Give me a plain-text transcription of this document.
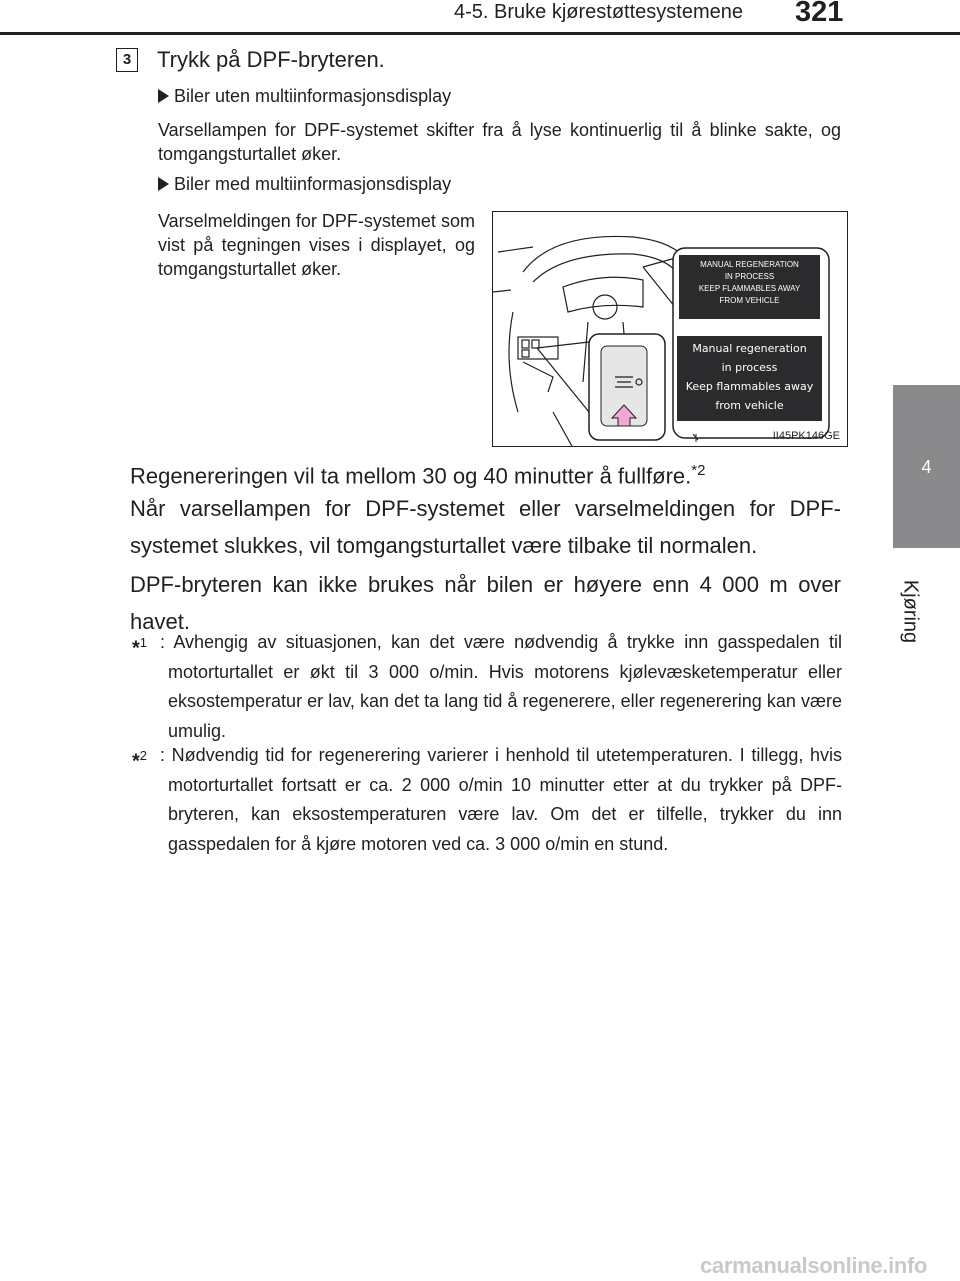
4-5. Bruke kjørestøttesystemene 321
4
Kjøring
3	Trykk på DPF-bryteren.
Biler uten multiinformasjonsdisplay
Varsellampen for DPF-systemet skifter fra å lyse kontinuerlig til å blinke sakte, og tomgangsturtallet øker.
Biler med multiinformasjonsdisplay
Varselmeldingen for DPF-systemet som vist på tegningen vises i displayet, og tomgangsturtallet øker.	MANUAL REGENERATION
IN PROCESS
KEEP FLAMMABLES AWAY
FROM VEHICLE
Manual regeneration
in process
Keep flammables away
from vehicle
II45PK146GE
Regenereringen vil ta mellom 30 og 40 minutter å fullføre.$^{*2}$
Når varsellampen for DPF-systemet eller varselmeldingen for DPF-systemet slukkes, vil tomgangsturtallet være tilbake til normalen.
DPF-bryteren kan ikke brukes når bilen er høyere enn 4 000 m over havet.
*$^1$ : Avhengig av situasjonen, kan det være nødvendig å trykke inn gasspedalen til motorturtallet er økt til 3 000 o/min. Hvis motorens kjølevæsketemperatur eller eksostemperatur er lav, kan det ta lang tid å regenerere, eller regenerering kan være umulig.
*$^2$ : Nødvendig tid for regenerering varierer i henhold til utetemperaturen. I tillegg, hvis motorturtallet fortsatt er ca. 2 000 o/min 10 minutter etter at du trykker på DPF-bryteren, kan eksostemperaturen være lav. Om det er tilfelle, trykker du inn gasspedalen for å kjøre motoren ved ca. 3 000 o/min en stund.
carmanualsonline.info
